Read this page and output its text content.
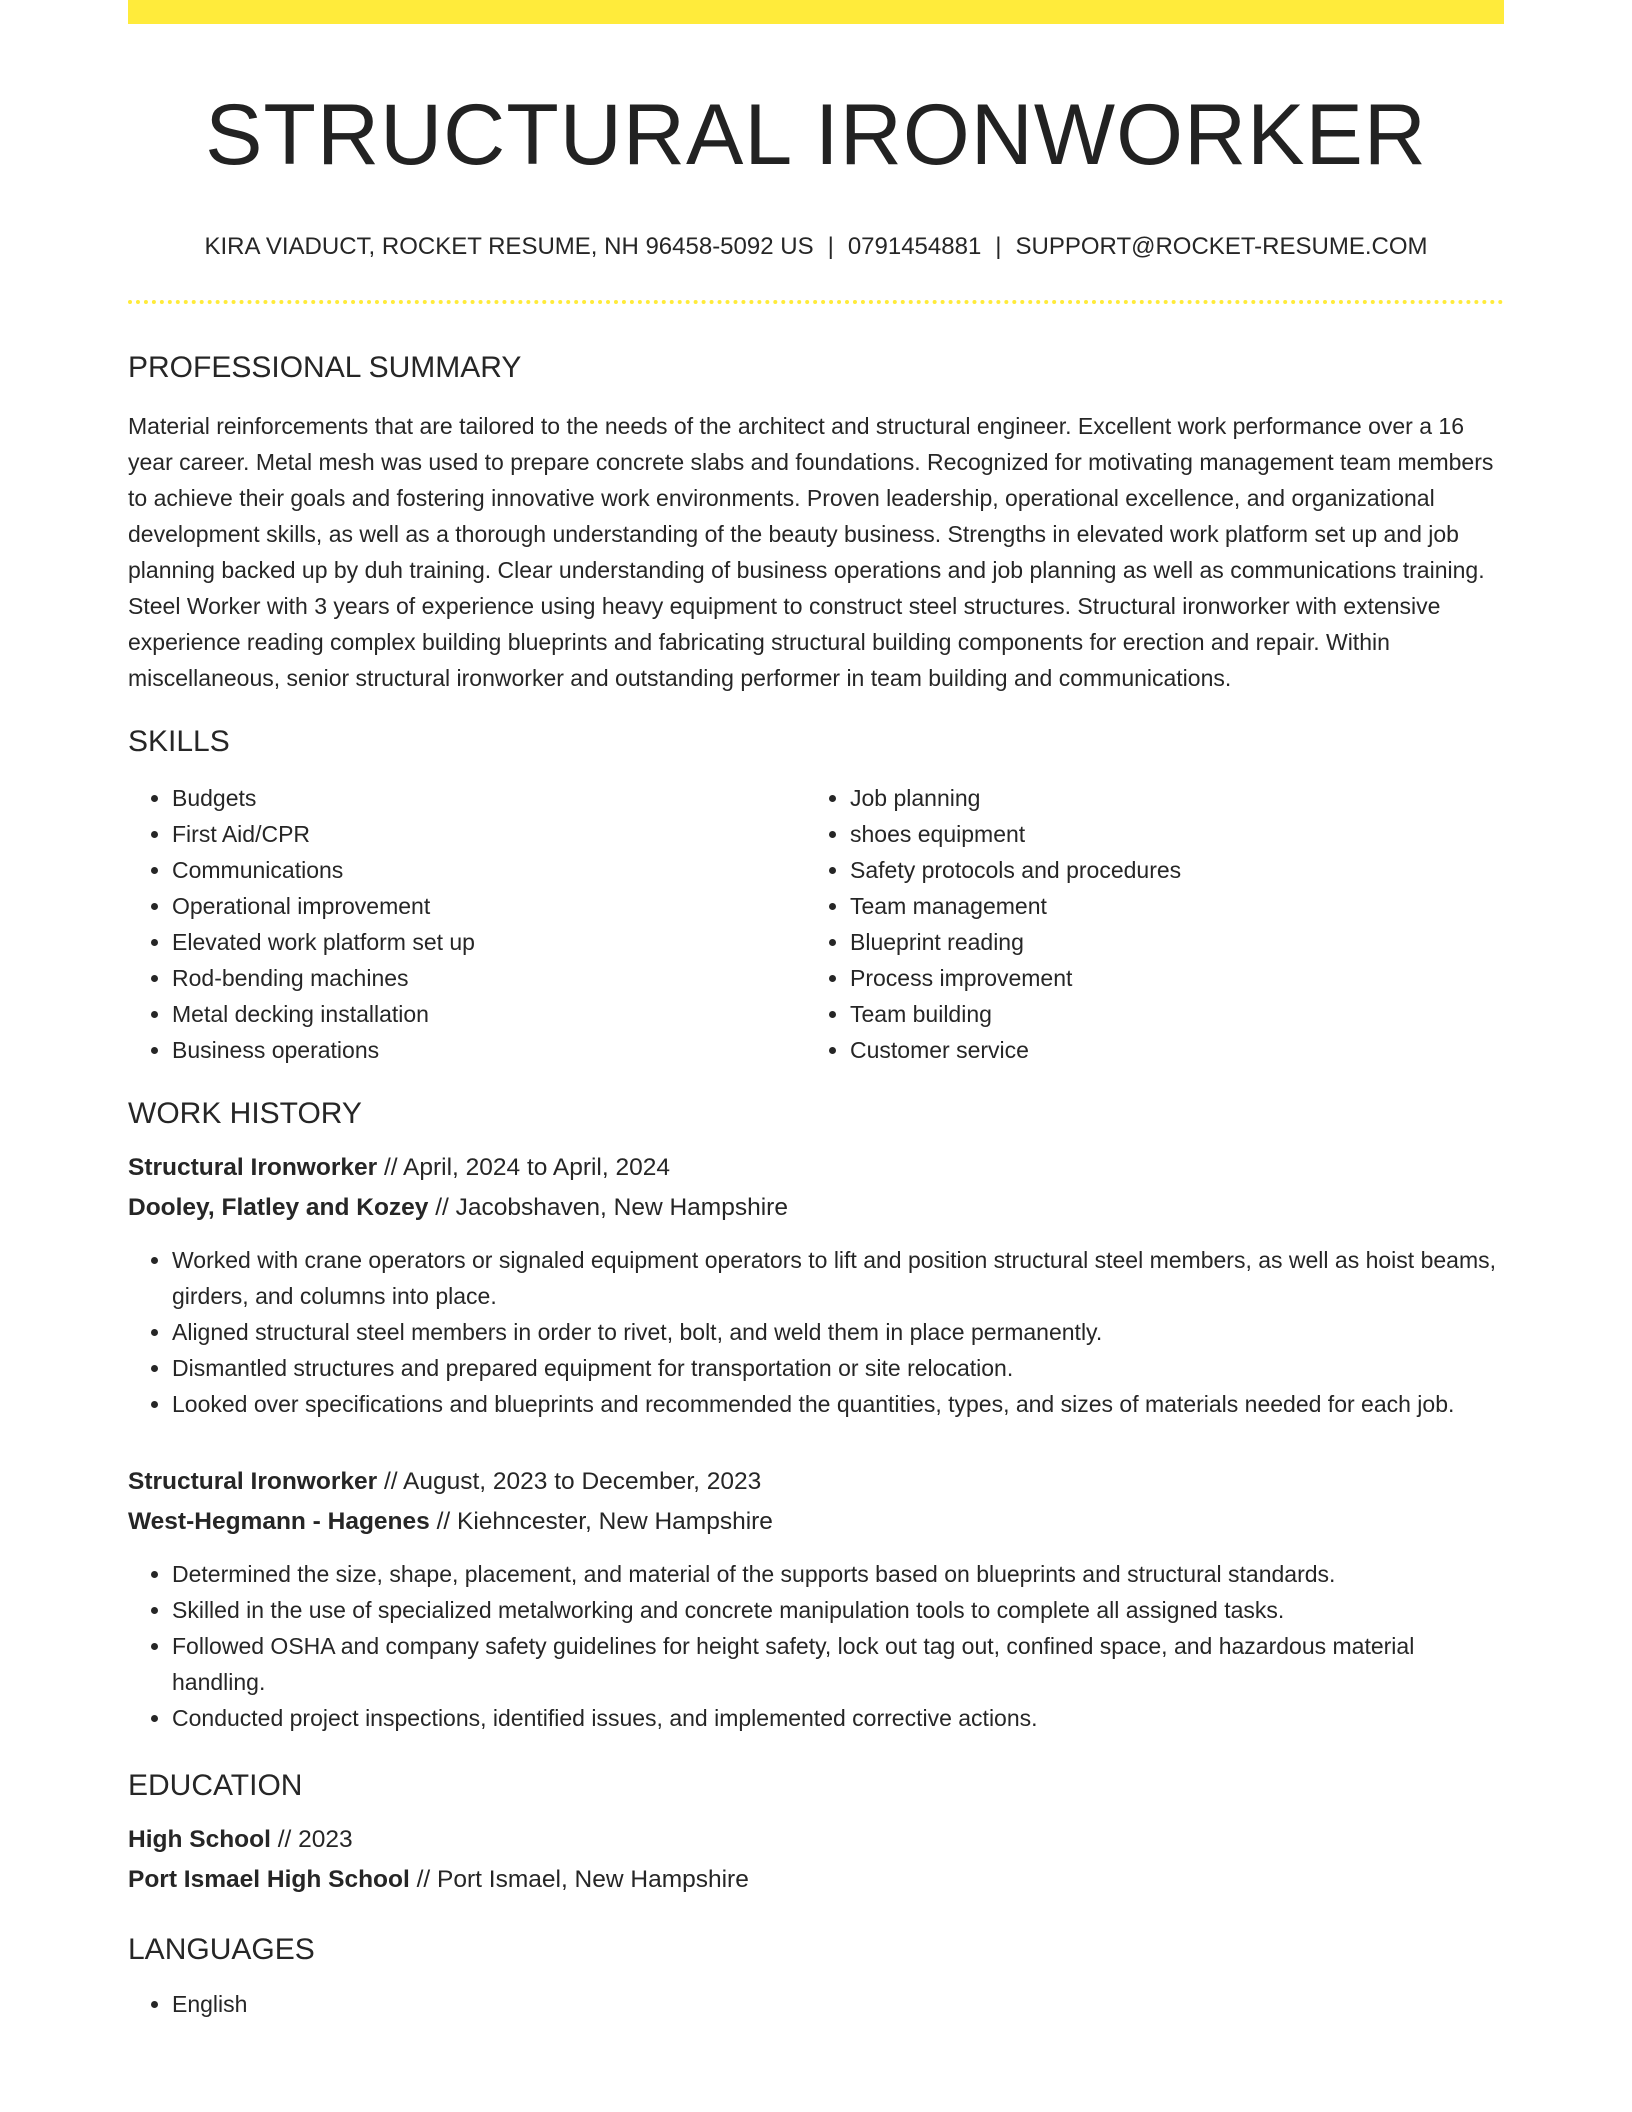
STRUCTURAL IRONWORKER
KIRA VIADUCT, ROCKET RESUME, NH 96458-5092 US | 0791454881 | SUPPORT@ROCKET-RESUME.COM
PROFESSIONAL SUMMARY
Material reinforcements that are tailored to the needs of the architect and structural engineer. Excellent work performance over a 16 year career. Metal mesh was used to prepare concrete slabs and foundations. Recognized for motivating management team members to achieve their goals and fostering innovative work environments. Proven leadership, operational excellence, and organizational development skills, as well as a thorough understanding of the beauty business. Strengths in elevated work platform set up and job planning backed up by duh training. Clear understanding of business operations and job planning as well as communications training. Steel Worker with 3 years of experience using heavy equipment to construct steel structures. Structural ironworker with extensive experience reading complex building blueprints and fabricating structural building components for erection and repair. Within miscellaneous, senior structural ironworker and outstanding performer in team building and communications.
SKILLS
• Budgets
• First Aid/CPR
• Communications
• Operational improvement
• Elevated work platform set up
• Rod-bending machines
• Metal decking installation
• Business operations
• Job planning
• shoes equipment
• Safety protocols and procedures
• Team management
• Blueprint reading
• Process improvement
• Team building
• Customer service
WORK HISTORY
Structural Ironworker // April, 2024 to April, 2024
Dooley, Flatley and Kozey // Jacobshaven, New Hampshire
• Worked with crane operators or signaled equipment operators to lift and position structural steel members, as well as hoist beams, girders, and columns into place.
• Aligned structural steel members in order to rivet, bolt, and weld them in place permanently.
• Dismantled structures and prepared equipment for transportation or site relocation.
• Looked over specifications and blueprints and recommended the quantities, types, and sizes of materials needed for each job.
Structural Ironworker // August, 2023 to December, 2023
West-Hegmann - Hagenes // Kiehncester, New Hampshire
• Determined the size, shape, placement, and material of the supports based on blueprints and structural standards.
• Skilled in the use of specialized metalworking and concrete manipulation tools to complete all assigned tasks.
• Followed OSHA and company safety guidelines for height safety, lock out tag out, confined space, and hazardous material handling.
• Conducted project inspections, identified issues, and implemented corrective actions.
EDUCATION
High School // 2023
Port Ismael High School // Port Ismael, New Hampshire
LANGUAGES
• English
